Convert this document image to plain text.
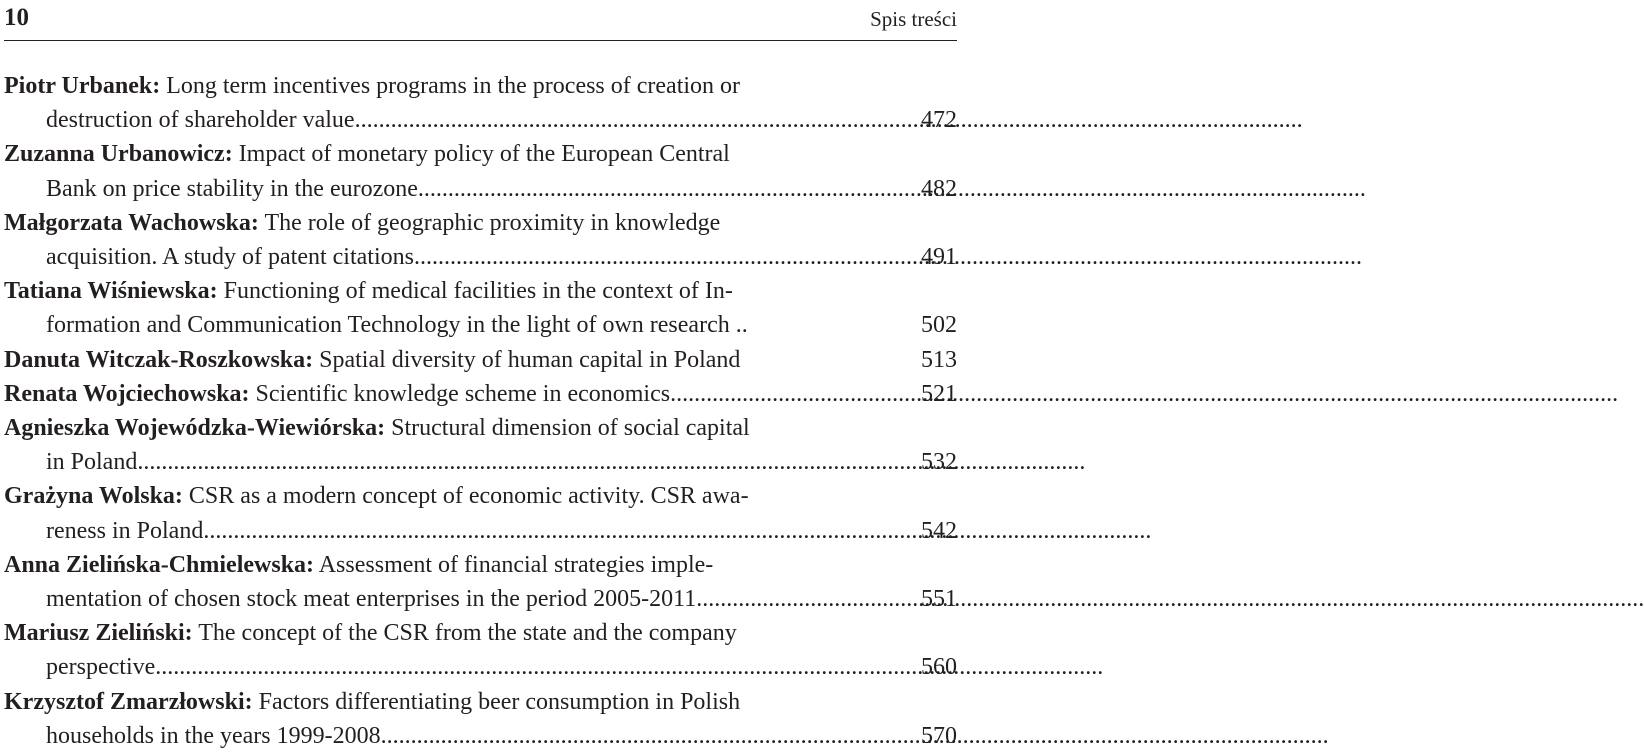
10	Spis treści
Piotr Urbanek: Long term incentives programs in the process of creation or
destruction of shareholder value .....	472
Zuzanna Urbanowicz: Impact of monetary policy of the European Central
Bank on price stability in the eurozone .....	482
Małgorzata Wachowska: The role of geographic proximity in knowledge
acquisition. A study of patent citations .....	491
Tatiana Wiśniewska: Functioning of medical facilities in the context of In-
formation and Communication Technology in the light of own research ..	502
Danuta Witczak-Roszkowska: Spatial diversity of human capital in Poland	513
Renata Wojciechowska: Scientific knowledge scheme in economics .....	521
Agnieszka Wojewódzka-Wiewiórska: Structural dimension of social capital
in Poland .....	532
Grażyna Wolska: CSR as a modern concept of economic activity. CSR awa-
reness in Poland .....	542
Anna Zielińska-Chmielewska: Assessment of financial strategies imple-
mentation of chosen stock meat enterprises in the period 2005-2011 .....	551
Mariusz Zieliński: The concept of the CSR from the state and the company
perspective .....	560
Krzysztof Zmarzłowski: Factors differentiating beer consumption in Polish
households in the years 1999-2008 .....	570
